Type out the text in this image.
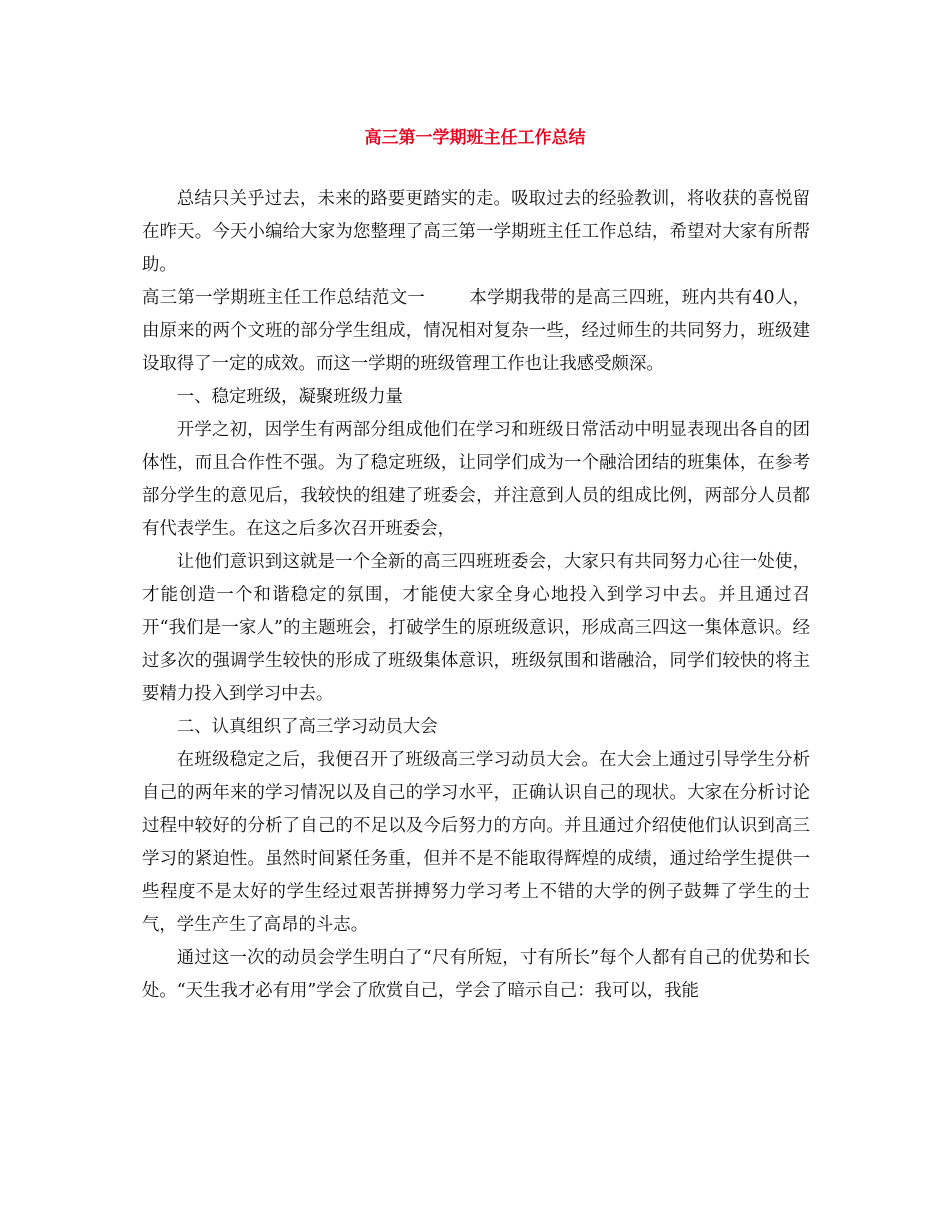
高三第一学期班主任工作总结

总结只关乎过去，未来的路要更踏实的走。吸取过去的经验教训，将收获的喜悦留在昨天。今天小编给大家为您整理了高三第一学期班主任工作总结，希望对大家有所帮助。

高三第一学期班主任工作总结范文一	本学期我带的是高三四班，班内共有40人，由原来的两个文班的部分学生组成，情况相对复杂一些，经过师生的共同努力，班级建设取得了一定的成效。而这一学期的班级管理工作也让我感受颇深。

一、稳定班级，凝聚班级力量

开学之初，因学生有两部分组成他们在学习和班级日常活动中明显表现出各自的团体性，而且合作性不强。为了稳定班级，让同学们成为一个融洽团结的班集体，在参考部分学生的意见后，我较快的组建了班委会，并注意到人员的组成比例，两部分人员都有代表学生。在这之后多次召开班委会，

让他们意识到这就是一个全新的高三四班班委会，大家只有共同努力心往一处使，才能创造一个和谐稳定的氛围，才能使大家全身心地投入到学习中去。并且通过召开“我们是一家人”的主题班会，打破学生的原班级意识，形成高三四这一集体意识。经过多次的强调学生较快的形成了班级集体意识，班级氛围和谐融洽，同学们较快的将主要精力投入到学习中去。

二、认真组织了高三学习动员大会

在班级稳定之后，我便召开了班级高三学习动员大会。在大会上通过引导学生分析自己的两年来的学习情况以及自己的学习水平，正确认识自己的现状。大家在分析讨论过程中较好的分析了自己的不足以及今后努力的方向。并且通过介绍使他们认识到高三学习的紧迫性。虽然时间紧任务重，但并不是不能取得辉煌的成绩，通过给学生提供一些程度不是太好的学生经过艰苦拼搏努力学习考上不错的大学的例子鼓舞了学生的士气，学生产生了高昂的斗志。

通过这一次的动员会学生明白了“尺有所短，寸有所长”每个人都有自己的优势和长处。“天生我才必有用”学会了欣赏自己，学会了暗示自己：我可以，我能
